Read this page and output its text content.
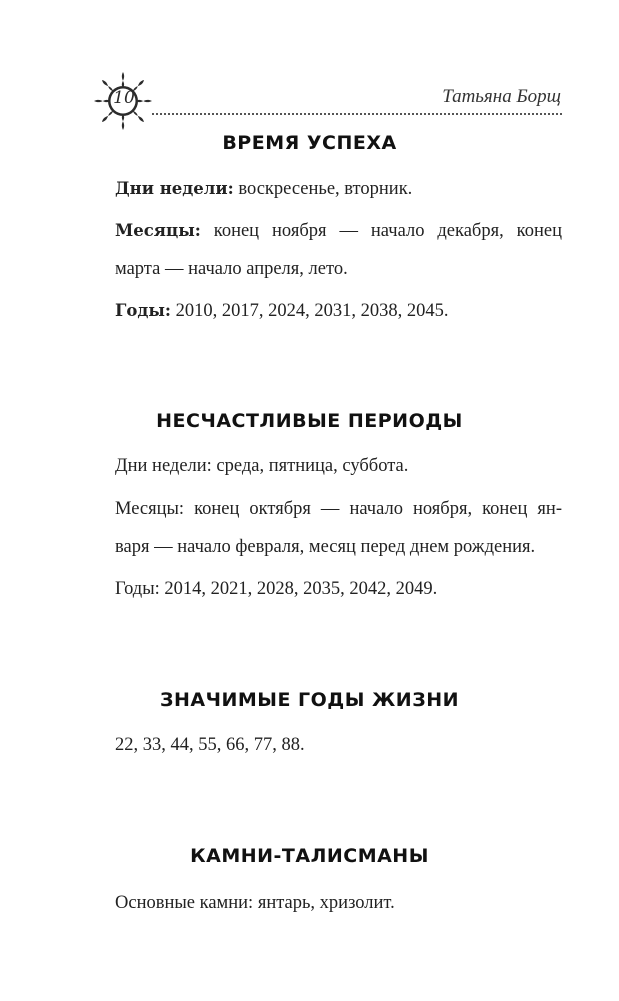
10	Татьяна Борщ
ВРЕМЯ УСПЕХА
Дни недели: воскресенье, вторник.
Месяцы: конец ноября — начало декабря, конец
марта — начало апреля, лето.
Годы: 2010, 2017, 2024, 2031, 2038, 2045.
НЕСЧАСТЛИВЫЕ ПЕРИОДЫ
Дни недели: среда, пятница, суббота.
Месяцы: конец октября — начало ноября, конец ян-
варя — начало февраля, месяц перед днем рождения.
Годы: 2014, 2021, 2028, 2035, 2042, 2049.
ЗНАЧИМЫЕ ГОДЫ ЖИЗНИ
22, 33, 44, 55, 66, 77, 88.
КАМНИ-ТАЛИСМАНЫ
Основные камни: янтарь, хризолит.
